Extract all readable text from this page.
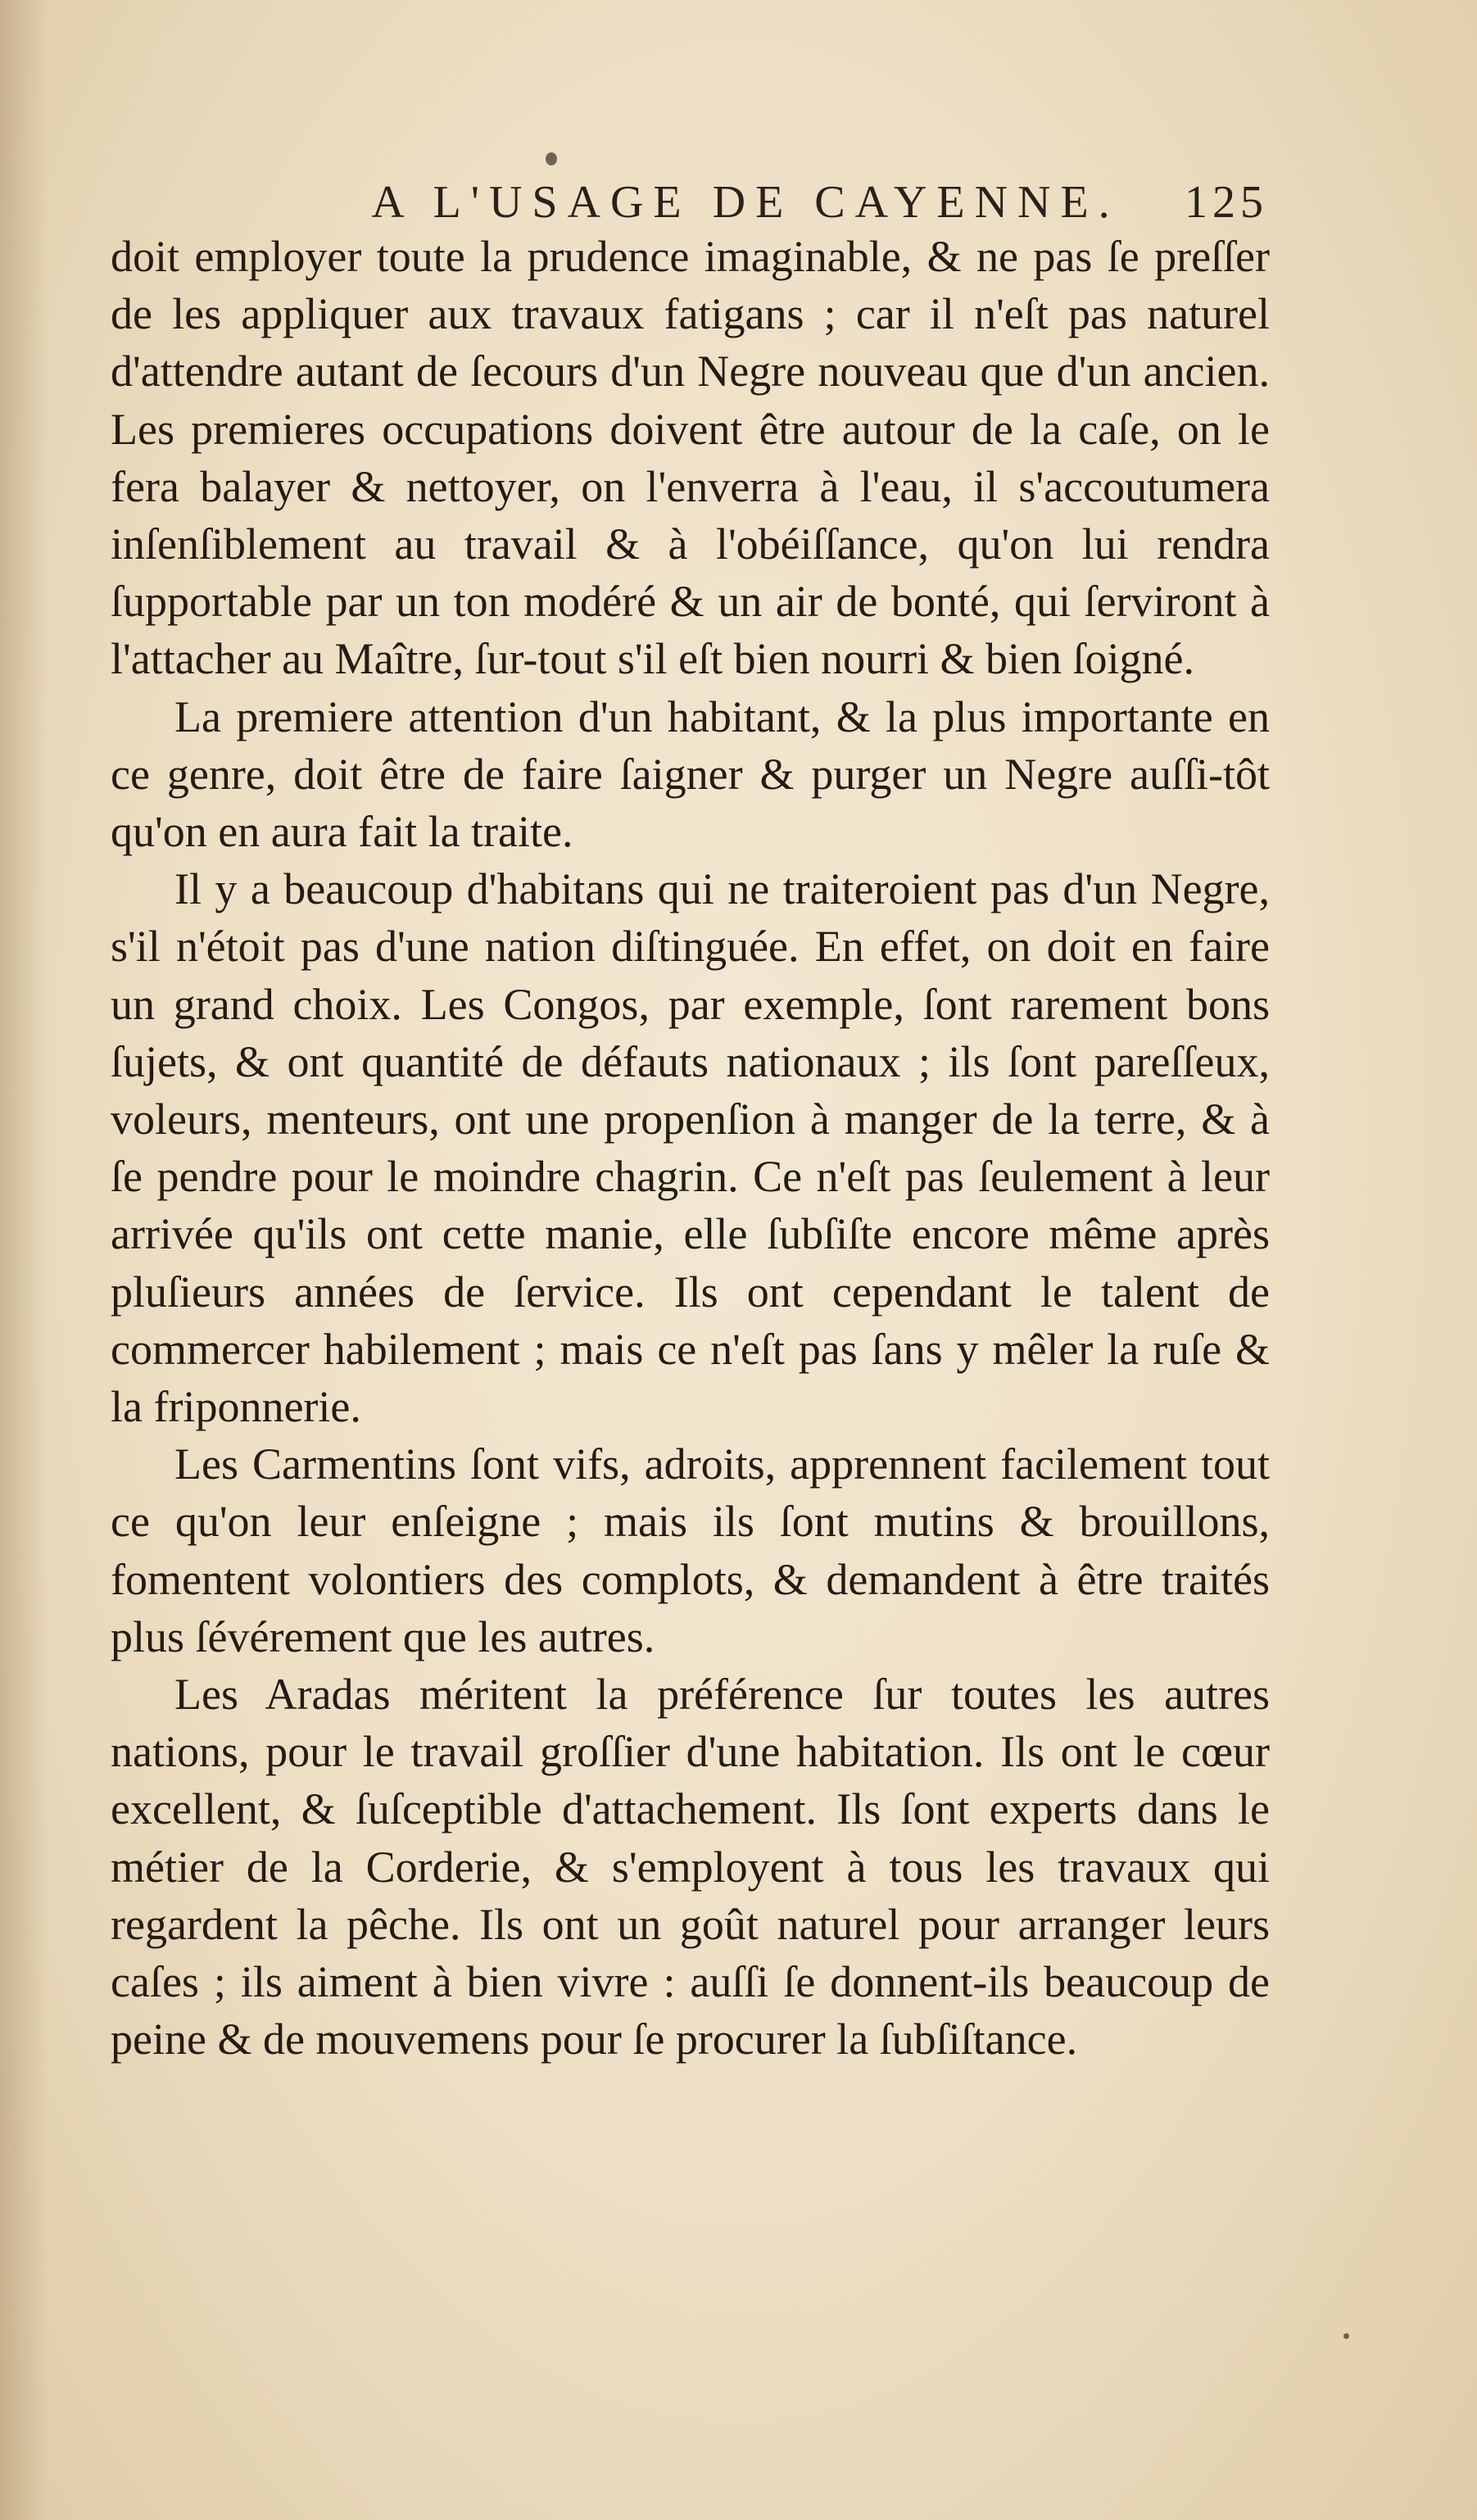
A L'USAGE DE CAYENNE.	125

doit employer toute la prudence imaginable, & ne pas ſe preſſer de les appliquer aux travaux fatigans ; car il n'eſt pas naturel d'attendre autant de ſecours d'un Negre nouveau que d'un ancien. Les premieres occupations doivent être autour de la caſe, on le fera balayer & nettoyer, on l'enverra à l'eau, il s'accoutumera inſenſiblement au travail & à l'obéiſſance, qu'on lui rendra ſupportable par un ton modéré & un air de bonté, qui ſerviront à l'attacher au Maître, ſur-tout s'il eſt bien nourri & bien ſoigné.

La premiere attention d'un habitant, & la plus importante en ce genre, doit être de faire ſaigner & purger un Negre auſſi-tôt qu'on en aura fait la traite.

Il y a beaucoup d'habitans qui ne traiteroient pas d'un Negre, s'il n'étoit pas d'une nation diſtinguée. En effet, on doit en faire un grand choix. Les Congos, par exemple, ſont rarement bons ſujets, & ont quantité de défauts nationaux ; ils ſont pareſſeux, voleurs, menteurs, ont une propenſion à manger de la terre, & à ſe pendre pour le moindre chagrin. Ce n'eſt pas ſeulement à leur arrivée qu'ils ont cette manie, elle ſubſiſte encore même après pluſieurs années de ſervice. Ils ont cependant le talent de commercer habilement ; mais ce n'eſt pas ſans y mêler la ruſe & la friponnerie.

Les Carmentins ſont vifs, adroits, apprennent facilement tout ce qu'on leur enſeigne ; mais ils ſont mutins & brouillons, fomentent volontiers des complots, & demandent à être traités plus ſévérement que les autres.

Les Aradas méritent la préférence ſur toutes les autres nations, pour le travail groſſier d'une habitation. Ils ont le cœur excellent, & ſuſceptible d'attachement. Ils ſont experts dans le métier de la Corderie, & s'employent à tous les travaux qui regardent la pêche. Ils ont un goût naturel pour arranger leurs caſes ; ils aiment à bien vivre : auſſi ſe donnent-ils beaucoup de peine & de mouvemens pour ſe procurer la ſubſiſtance.
